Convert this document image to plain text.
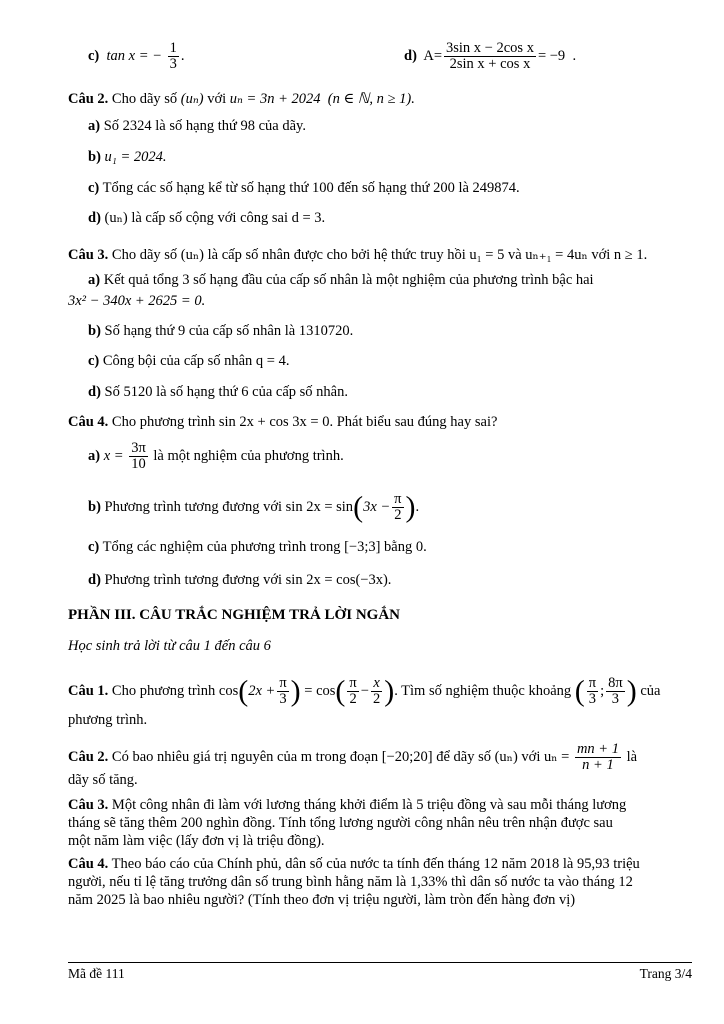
c) tan x = − $\frac{1}{3}$ .	d) $A= \frac{\text{3sin x − 2cos x}}{\text{2sin x + cos x}} = -9$ .
Câu 2. Cho dãy số (uₙ) với uₙ = 3n + 2024 (n ∈ ℕ, n ≥ 1).
a) Số 2324 là số hạng thứ 98 của dãy.
b) u₁ = 2024.
c) Tổng các số hạng kể từ số hạng thứ 100 đến số hạng thứ 200 là 249874.
d) (uₙ) là cấp số cộng với công sai d = 3.
Câu 3. Cho dãy số (uₙ) là cấp số nhân được cho bởi hệ thức truy hồi u₁ = 5 và uₙ₊₁ = 4uₙ với n ≥ 1.
a) Kết quả tổng 3 số hạng đầu của cấp số nhân là một nghiệm của phương trình bậc hai
3x² − 340x + 2625 = 0.
b) Số hạng thứ 9 của cấp số nhân là 1310720.
c) Công bội của cấp số nhân q = 4.
d) Số 5120 là số hạng thứ 6 của cấp số nhân.
Câu 4. Cho phương trình sin 2x + cos 3x = 0. Phát biểu sau đúng hay sai?
a) $x = \frac{3\pi}{10}$ là một nghiệm của phương trình.
b) Phương trình tương đương với $\sin 2x = \sin(3x - \frac{\pi}{2}$ ).
c) Tổng các nghiệm của phương trình trong [−3;3] bằng 0.
d) Phương trình tương đương với sin 2x = cos(−3x).
PHẦN III. CÂU TRẮC NGHIỆM TRẢ LỜI NGẮN
Học sinh trả lời từ câu 1 đến câu 6
Câu 1. Cho phương trình $\cos(2x + \frac{\pi}{3}$ ) = $\cos( \frac{\pi}{2} - \frac{x}{2}$ ). Tìm số nghiệm thuộc khoảng ( $\frac{\pi}{3}$ ; $\frac{8\pi}{3}$ ) của
phương trình.
Câu 2. Có bao nhiêu giá trị nguyên của m trong đoạn [−20;20] để dãy số (uₙ) với $u_n = \frac{mn + 1}{n + 1}$ là
dãy số tăng.
Câu 3. Một công nhân đi làm với lương tháng khởi điểm là 5 triệu đồng và sau mỗi tháng lương
tháng sẽ tăng thêm 200 nghìn đồng. Tính tổng lương người công nhân nêu trên nhận được sau
một năm làm việc (lấy đơn vị là triệu đồng).
Câu 4. Theo báo cáo của Chính phủ, dân số của nước ta tính đến tháng 12 năm 2018 là 95,93 triệu
người, nếu tỉ lệ tăng trưởng dân số trung bình hằng năm là 1,33% thì dân số nước ta vào tháng 12
năm 2025 là bao nhiêu người? (Tính theo đơn vị triệu người, làm tròn đến hàng đơn vị)
Mã đề 111	Trang 3/4
